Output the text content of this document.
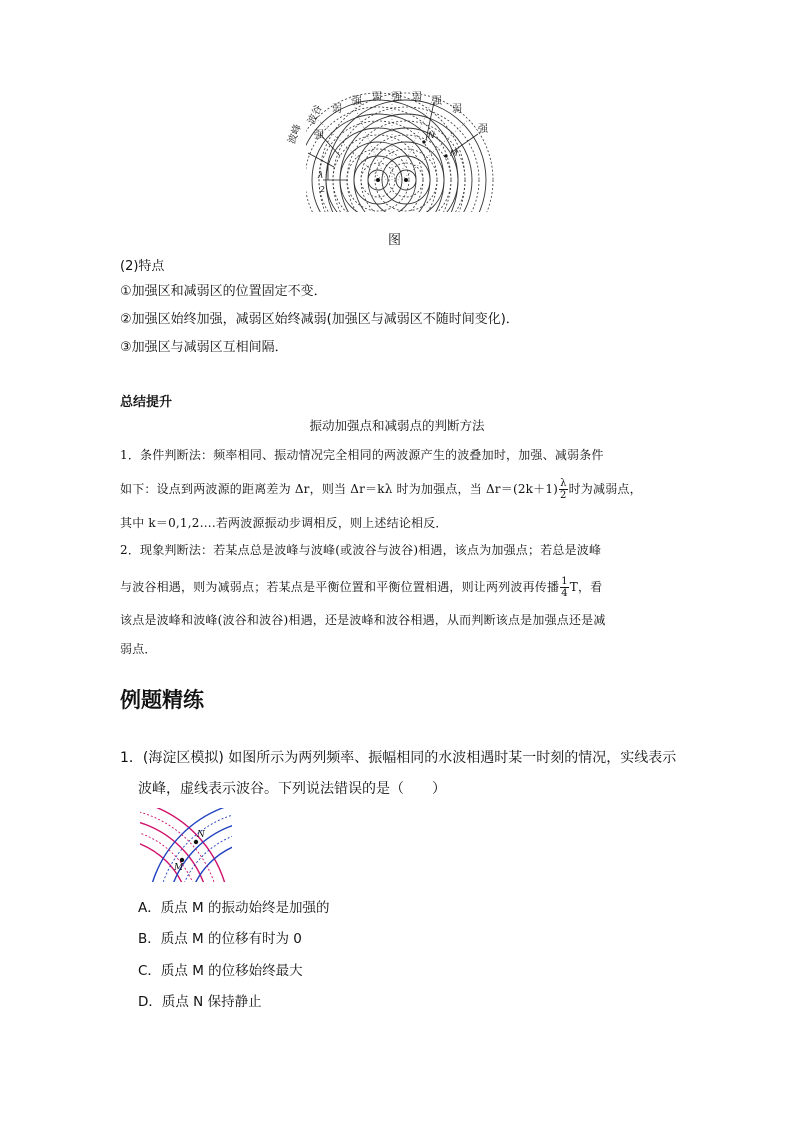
波峰
波谷
强
弱
强 弱 强 弱 强
弱
强
N
M
λ
2
图
(2)特点
①加强区和减弱区的位置固定不变．
②加强区始终加强，减弱区始终减弱(加强区与减弱区不随时间变化)．
③加强区与减弱区互相间隔．
总结提升
振动加强点和减弱点的判断方法
1．条件判断法：频率相同、振动情况完全相同的两波源产生的波叠加时，加强、减弱条件
如下：设点到两波源的距离差为 Δr，则当 Δr＝kλ 时为加强点，当 $\Delta r=(2k+1) \frac{\lambda}{2}$ 时为减弱点，
其中 k＝0,1,2….若两波源振动步调相反，则上述结论相反．
2．现象判断法：若某点总是波峰与波峰(或波谷与波谷)相遇，该点为加强点；若总是波峰
与波谷相遇，则为减弱点；若某点是平衡位置和平衡位置相遇，则让两列波再传播 $\frac{1}{4}$ T，看
该点是波峰和波峰(波谷和波谷)相遇，还是波峰和波谷相遇，从而判断该点是加强点还是减
弱点．
例题精练
1．(海淀区模拟) 如图所示为两列频率、振幅相同的水波相遇时某一时刻的情况，实线表示
波峰，虚线表示波谷。下列说法错误的是（　　）
N
M
A．质点 M 的振动始终是加强的
B．质点 M 的位移有时为 0
C．质点 M 的位移始终最大
D．质点 N 保持静止
